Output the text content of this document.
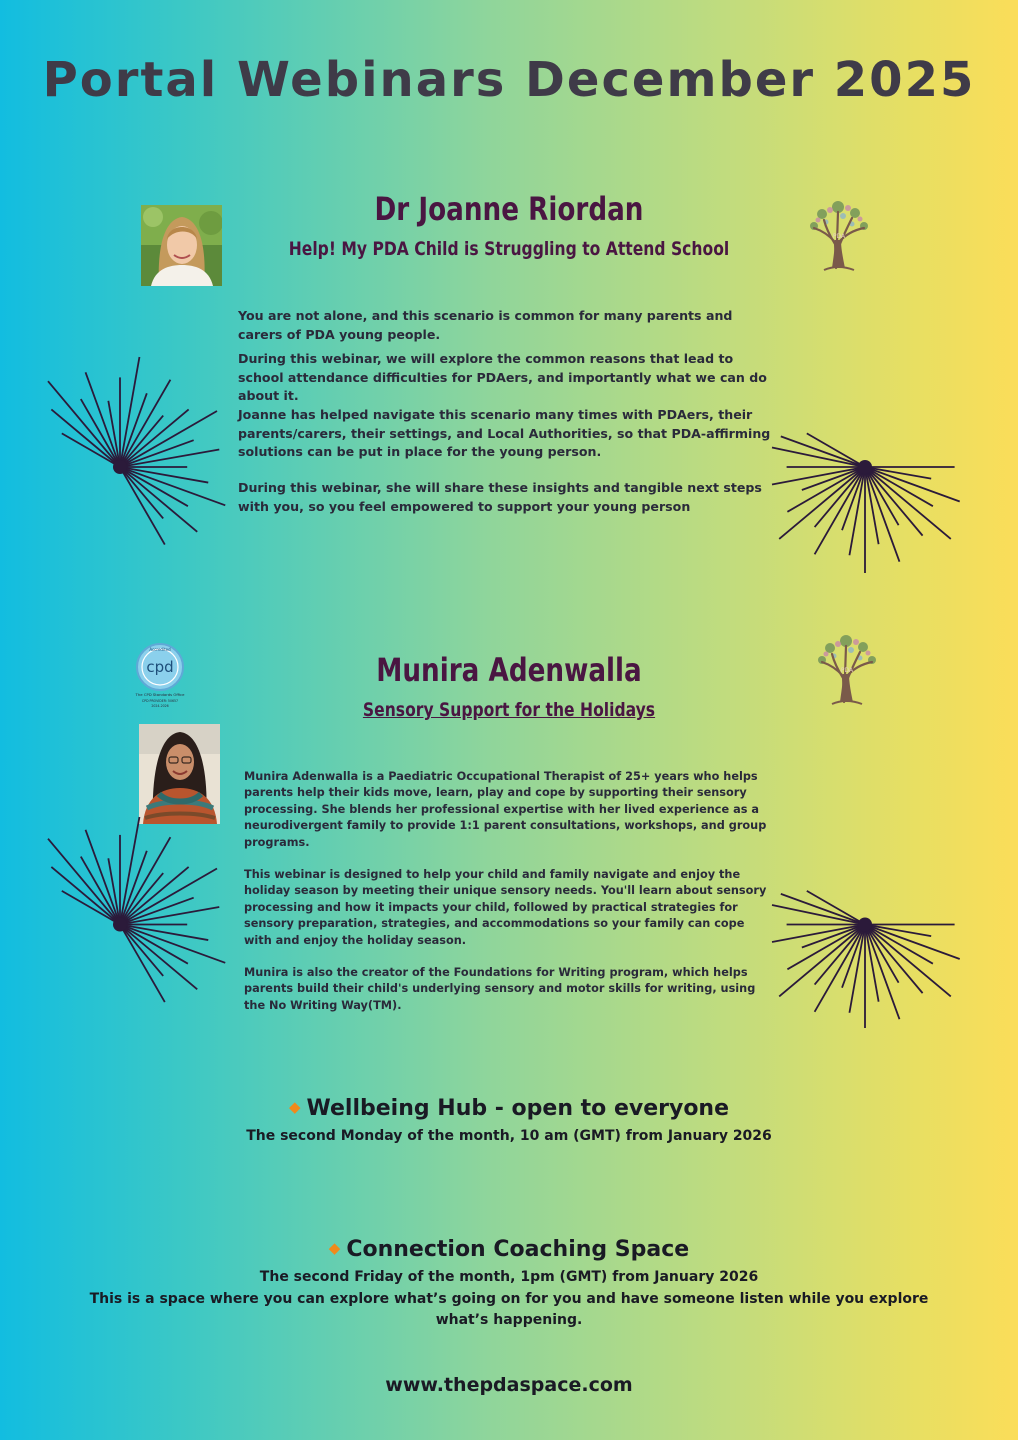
Portal Webinars December 2025
Dr Joanne Riordan
Help! My PDA Child is Struggling to Attend School
PDA

You are not alone, and this scenario is common for many parents and carers of PDA young people.

During this webinar, we will explore the common reasons that lead to school attendance difficulties for PDAers, and importantly what we can do about it.

Joanne has helped navigate this scenario many times with PDAers, their parents/carers, their settings, and Local Authorities, so that PDA-affirming solutions can be put in place for the young person.

During this webinar, she will share these insights and tangible next steps with you, so you feel empowered to support your young person

Accredited
cpd
The CPD Standards Office
CPD PROVIDER: 50657
2024-2026
Munira Adenwalla
Sensory Support for the Holidays
PDA

Munira Adenwalla is a Paediatric Occupational Therapist of 25+ years who helps parents help their kids move, learn, play and cope by supporting their sensory processing. She blends her professional expertise with her lived experience as a neurodivergent family to provide 1:1 parent consultations, workshops, and group programs.

This webinar is designed to help your child and family navigate and enjoy the holiday season by meeting their unique sensory needs. You'll learn about sensory processing and how it impacts your child, followed by practical strategies for sensory preparation, strategies, and accommodations so your family can cope with and enjoy the holiday season.

Munira is also the creator of the Foundations for Writing program, which helps parents build their child's underlying sensory and motor skills for writing, using the No Writing Way(TM).

◆ Wellbeing Hub - open to everyone

The second Monday of the month, 10 am (GMT) from January 2026

◆ Connection Coaching Space

The second Friday of the month, 1pm (GMT) from January 2026

This is a space where you can explore what’s going on for you and have someone listen while you explore what’s happening.

www.thepdaspace.com
